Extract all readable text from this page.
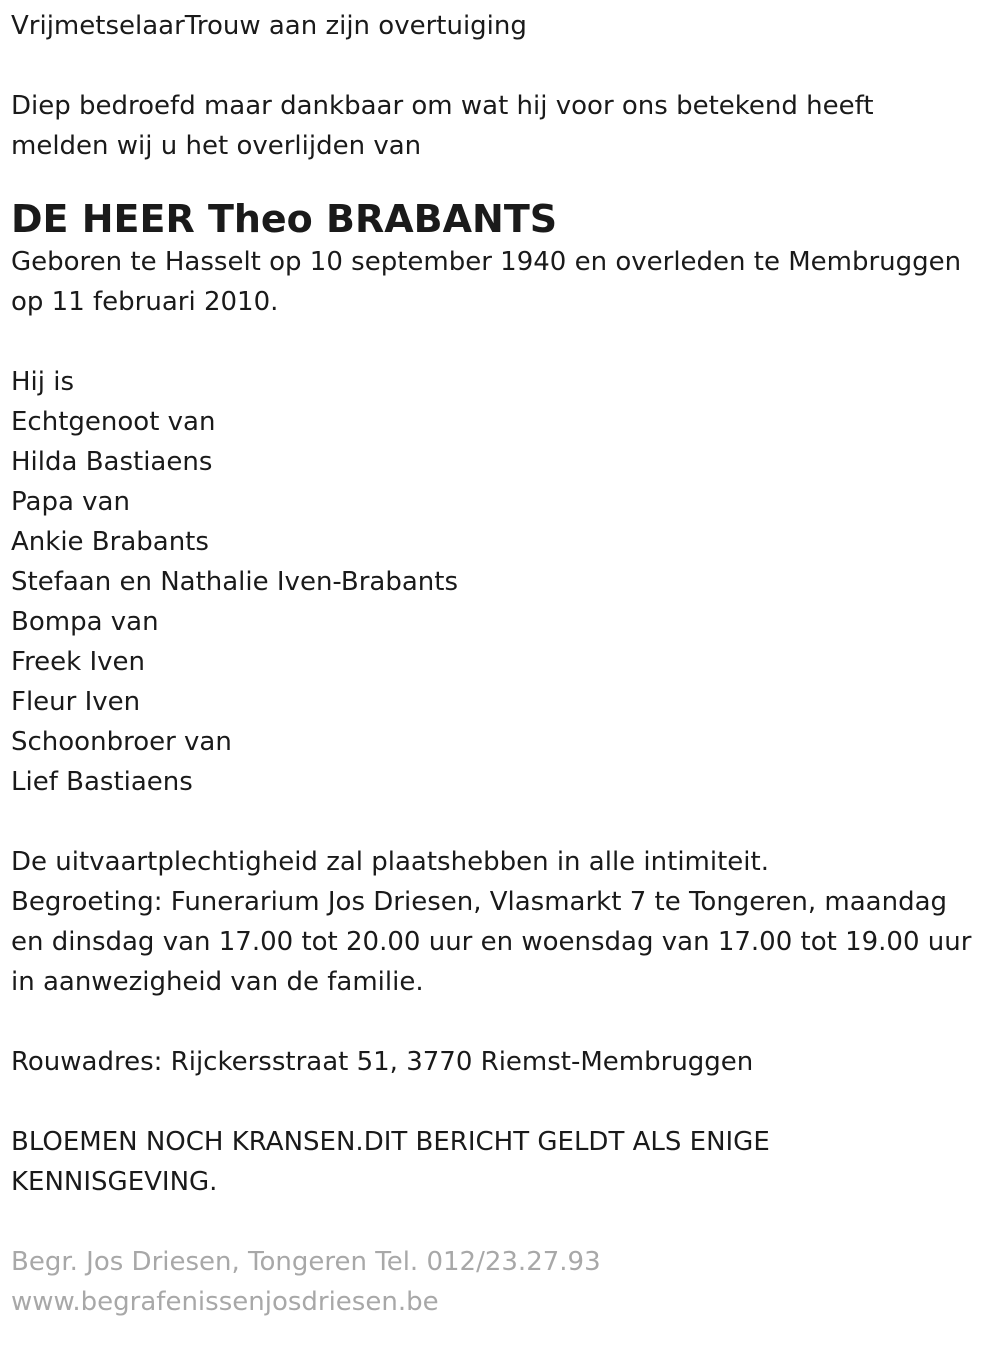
VrijmetselaarTrouw aan zijn overtuiging

Diep bedroefd maar dankbaar om wat hij voor ons betekend heeft

melden wij u het overlijden van

DE HEER Theo BRABANTS

Geboren te Hasselt op 10 september 1940 en overleden te Membruggen

op 11 februari 2010.

Hij is

Echtgenoot van

Hilda Bastiaens

Papa van

Ankie Brabants

Stefaan en Nathalie Iven-Brabants

Bompa van

Freek Iven

Fleur Iven

Schoonbroer van

Lief Bastiaens

De uitvaartplechtigheid zal plaatshebben in alle intimiteit.

Begroeting: Funerarium Jos Driesen, Vlasmarkt 7 te Tongeren, maandag

en dinsdag van 17.00 tot 20.00 uur en woensdag van 17.00 tot 19.00 uur

in aanwezigheid van de familie.

Rouwadres: Rijckersstraat 51, 3770 Riemst-Membruggen

BLOEMEN NOCH KRANSEN.DIT BERICHT GELDT ALS ENIGE

KENNISGEVING.

Begr. Jos Driesen, Tongeren Tel. 012/23.27.93

www.begrafenissenjosdriesen.be
